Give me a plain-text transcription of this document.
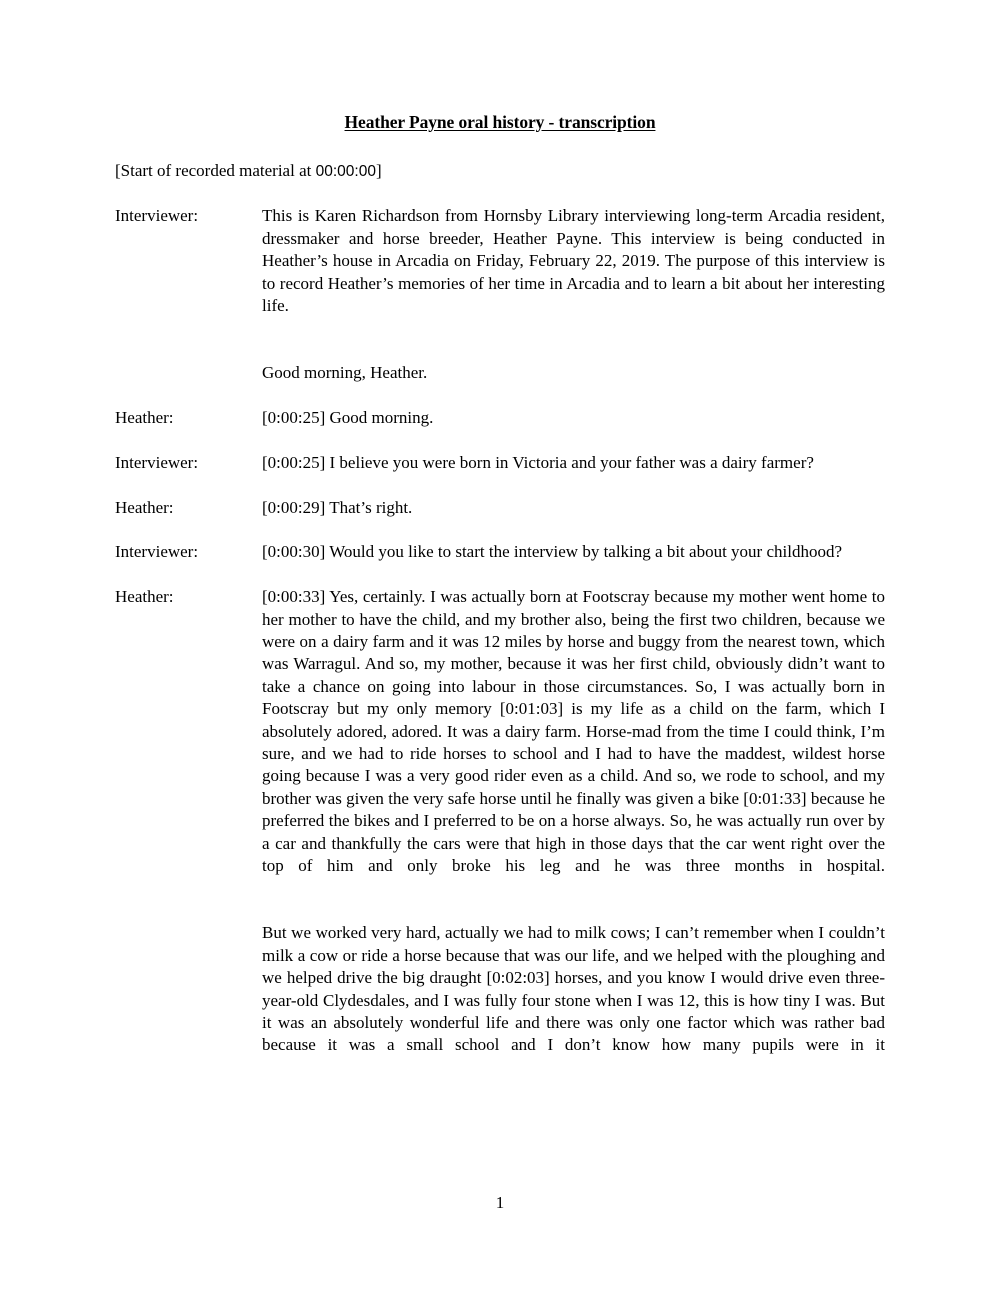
Heather Payne oral history - transcription
[Start of recorded material at 00:00:00]
Interviewer:	This is Karen Richardson from Hornsby Library interviewing long-term Arcadia resident, dressmaker and horse breeder, Heather Payne. This interview is being conducted in Heather’s house in Arcadia on Friday, February 22, 2019. The purpose of this interview is to record Heather’s memories of her time in Arcadia and to learn a bit about her interesting life.

Good morning, Heather.

Heather:	[0:00:25] Good morning.

Interviewer:	[0:00:25] I believe you were born in Victoria and your father was a dairy farmer?

Heather:	[0:00:29] That’s right.

Interviewer:	[0:00:30] Would you like to start the interview by talking a bit about your childhood?

Heather:	[0:00:33] Yes, certainly. I was actually born at Footscray because my mother went home to her mother to have the child, and my brother also, being the first two children, because we were on a dairy farm and it was 12 miles by horse and buggy from the nearest town, which was Warragul. And so, my mother, because it was her first child, obviously didn’t want to take a chance on going into labour in those circumstances. So, I was actually born in Footscray but my only memory [0:01:03] is my life as a child on the farm, which I absolutely adored, adored. It was a dairy farm. Horse-mad from the time I could think, I’m sure, and we had to ride horses to school and I had to have the maddest, wildest horse going because I was a very good rider even as a child. And so, we rode to school, and my brother was given the very safe horse until he finally was given a bike [0:01:33] because he preferred the bikes and I preferred to be on a horse always. So, he was actually run over by a car and thankfully the cars were that high in those days that the car went right over the top of him and only broke his leg and he was three months in hospital.

But we worked very hard, actually we had to milk cows; I can’t remember when I couldn’t milk a cow or ride a horse because that was our life, and we helped with the ploughing and we helped drive the big draught [0:02:03] horses, and you know I would drive even three-year-old Clydesdales, and I was fully four stone when I was 12, this is how tiny I was. But it was an absolutely wonderful life and there was only one factor which was rather bad because it was a small school and I don’t know how many pupils were in it

1
